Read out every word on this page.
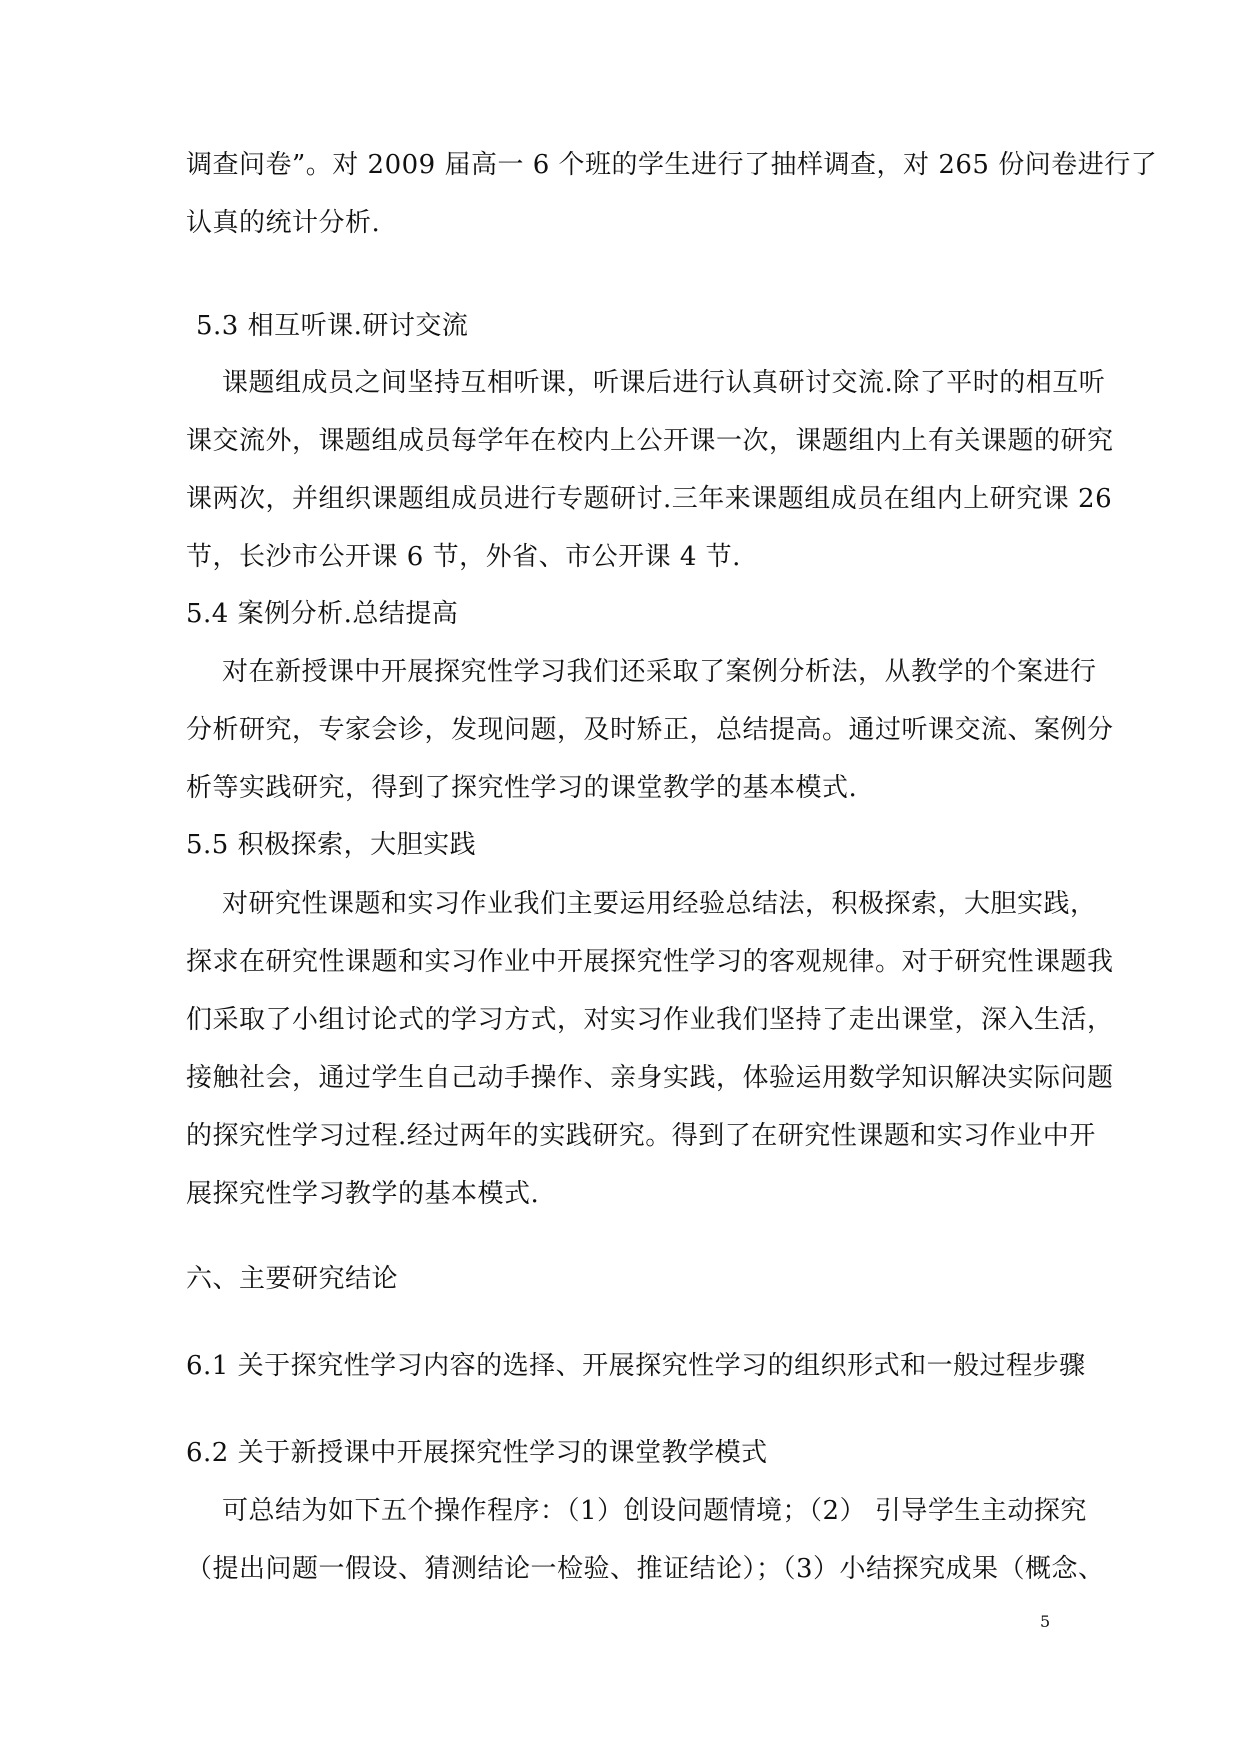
调查问卷”。对 2009 届高一 6 个班的学生进行了抽样调查，对 265 份问卷进行了
认真的统计分析.
5.3 相互听课.研讨交流
课题组成员之间坚持互相听课，听课后进行认真研讨交流.除了平时的相互听
课交流外，课题组成员每学年在校内上公开课一次，课题组内上有关课题的研究
课两次，并组织课题组成员进行专题研讨.三年来课题组成员在组内上研究课 26
节，长沙市公开课 6 节，外省、市公开课 4 节.
5.4 案例分析.总结提高
对在新授课中开展探究性学习我们还采取了案例分析法，从教学的个案进行
分析研究，专家会诊，发现问题，及时矫正，总结提高。通过听课交流、案例分
析等实践研究，得到了探究性学习的课堂教学的基本模式.
5.5 积极探索，大胆实践
对研究性课题和实习作业我们主要运用经验总结法，积极探索，大胆实践，
探求在研究性课题和实习作业中开展探究性学习的客观规律。对于研究性课题我
们采取了小组讨论式的学习方式，对实习作业我们坚持了走出课堂，深入生活，
接触社会，通过学生自己动手操作、亲身实践，体验运用数学知识解决实际问题
的探究性学习过程.经过两年的实践研究。得到了在研究性课题和实习作业中开
展探究性学习教学的基本模式.
六、主要研究结论
6.1 关于探究性学习内容的选择、开展探究性学习的组织形式和一般过程步骤
6.2 关于新授课中开展探究性学习的课堂教学模式
可总结为如下五个操作程序：（1）创设问题情境；（2） 引导学生主动探究
（提出问题一假设、猜测结论一检验、推证结论）；（3）小结探究成果（概念、
5
